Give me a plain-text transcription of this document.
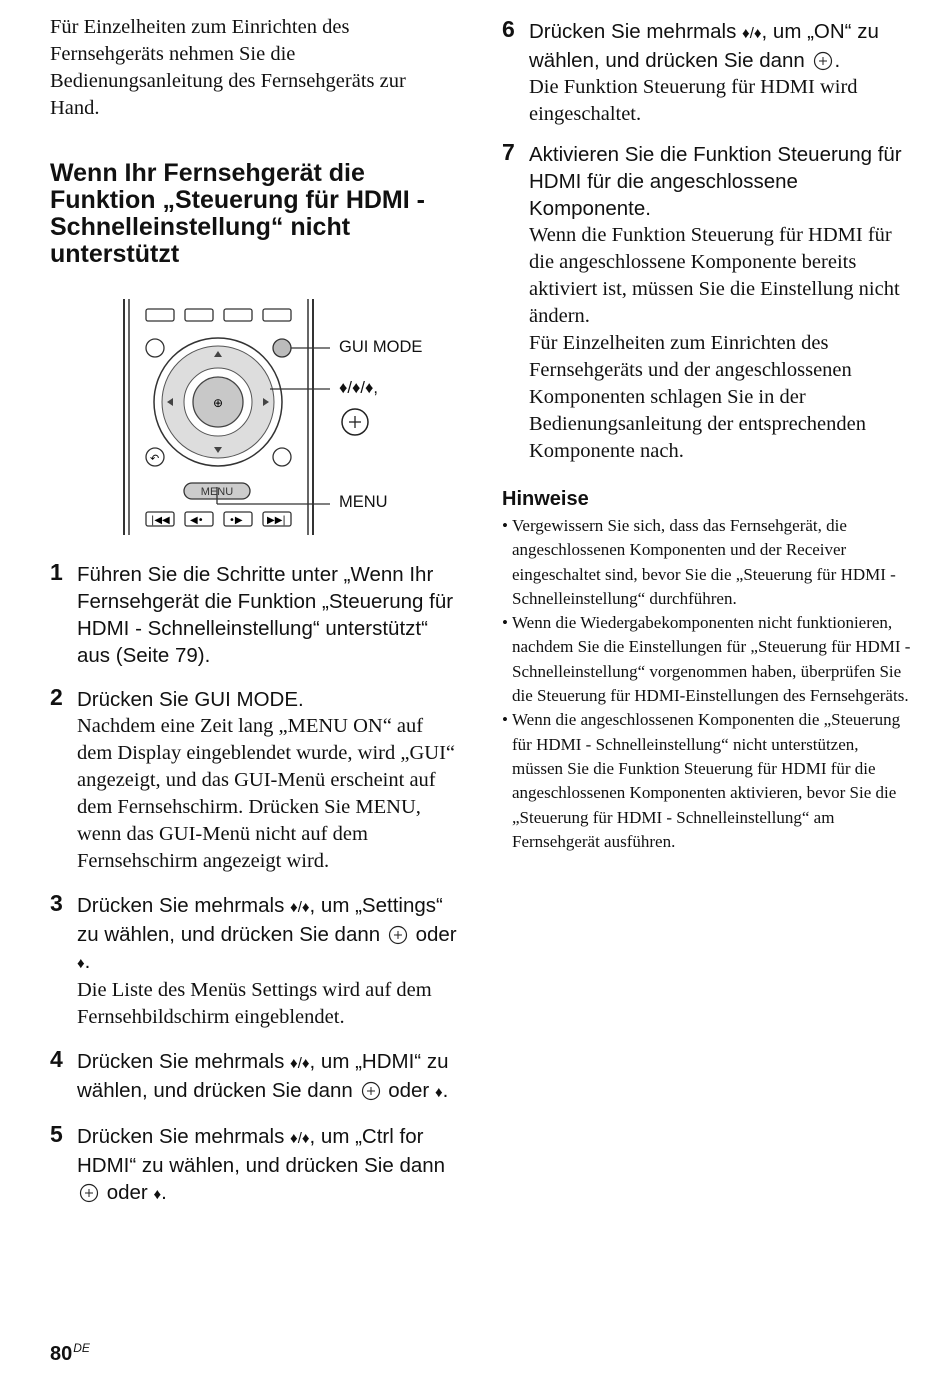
Für Einzelheiten zum Einrichten des Fernsehgeräts nehmen Sie die Bedienungsanleitung des Fernsehgeräts zur Hand.

Wenn Ihr Fernsehgerät die Funktion „Steuerung für HDMI - Schnelleinstellung“ nicht unterstützt
↶
⊕
MENU
|◀◀ ◀•	•▶ ▶▶|
GUI MODE
♦/♦/♦,
MENU
1 Führen Sie die Schritte unter „Wenn Ihr Fernsehgerät die Funktion „Steuerung für HDMI - Schnelleinstellung“ unterstützt“ aus (Seite 79).
2 Drücken Sie GUI MODE.
Nachdem eine Zeit lang „MENU ON“ auf dem Display eingeblendet wurde, wird „GUI“ angezeigt, und das GUI-Menü erscheint auf dem Fernsehschirm. Drücken Sie MENU, wenn das GUI-Menü nicht auf dem Fernsehschirm angezeigt wird.
3 Drücken Sie mehrmals ♦/♦, um „Settings“ zu wählen, und drücken Sie dann oder ♦.
Die Liste des Menüs Settings wird auf dem Fernsehbildschirm eingeblendet.
4 Drücken Sie mehrmals ♦/♦, um „HDMI“ zu wählen, und drücken Sie dann oder ♦.
5 Drücken Sie mehrmals ♦/♦, um „Ctrl for HDMI“ zu wählen, und drücken Sie dann  oder ♦.
6 Drücken Sie mehrmals ♦/♦, um „ON“ zu wählen, und drücken Sie dann .
Die Funktion Steuerung für HDMI wird eingeschaltet.
7 Aktivieren Sie die Funktion Steuerung für HDMI für die angeschlossene Komponente.
Wenn die Funktion Steuerung für HDMI für die angeschlossene Komponente bereits aktiviert ist, müssen Sie die Einstellung nicht ändern.
Für Einzelheiten zum Einrichten des Fernsehgeräts und der angeschlossenen Komponenten schlagen Sie in der Bedienungsanleitung der entsprechenden Komponente nach.
Hinweise
• Vergewissern Sie sich, dass das Fernsehgerät, die angeschlossenen Komponenten und der Receiver eingeschaltet sind, bevor Sie die „Steuerung für HDMI - Schnelleinstellung“ durchführen.
• Wenn die Wiedergabekomponenten nicht funktionieren, nachdem Sie die Einstellungen für „Steuerung für HDMI - Schnelleinstellung“ vorgenommen haben, überprüfen Sie die Steuerung für HDMI-Einstellungen des Fernsehgeräts.
• Wenn die angeschlossenen Komponenten die „Steuerung für HDMI - Schnelleinstellung“ nicht unterstützen, müssen Sie die Funktion Steuerung für HDMI für die angeschlossenen Komponenten aktivieren, bevor Sie die „Steuerung für HDMI - Schnelleinstellung“ am Fernsehgerät ausführen.
80DE
